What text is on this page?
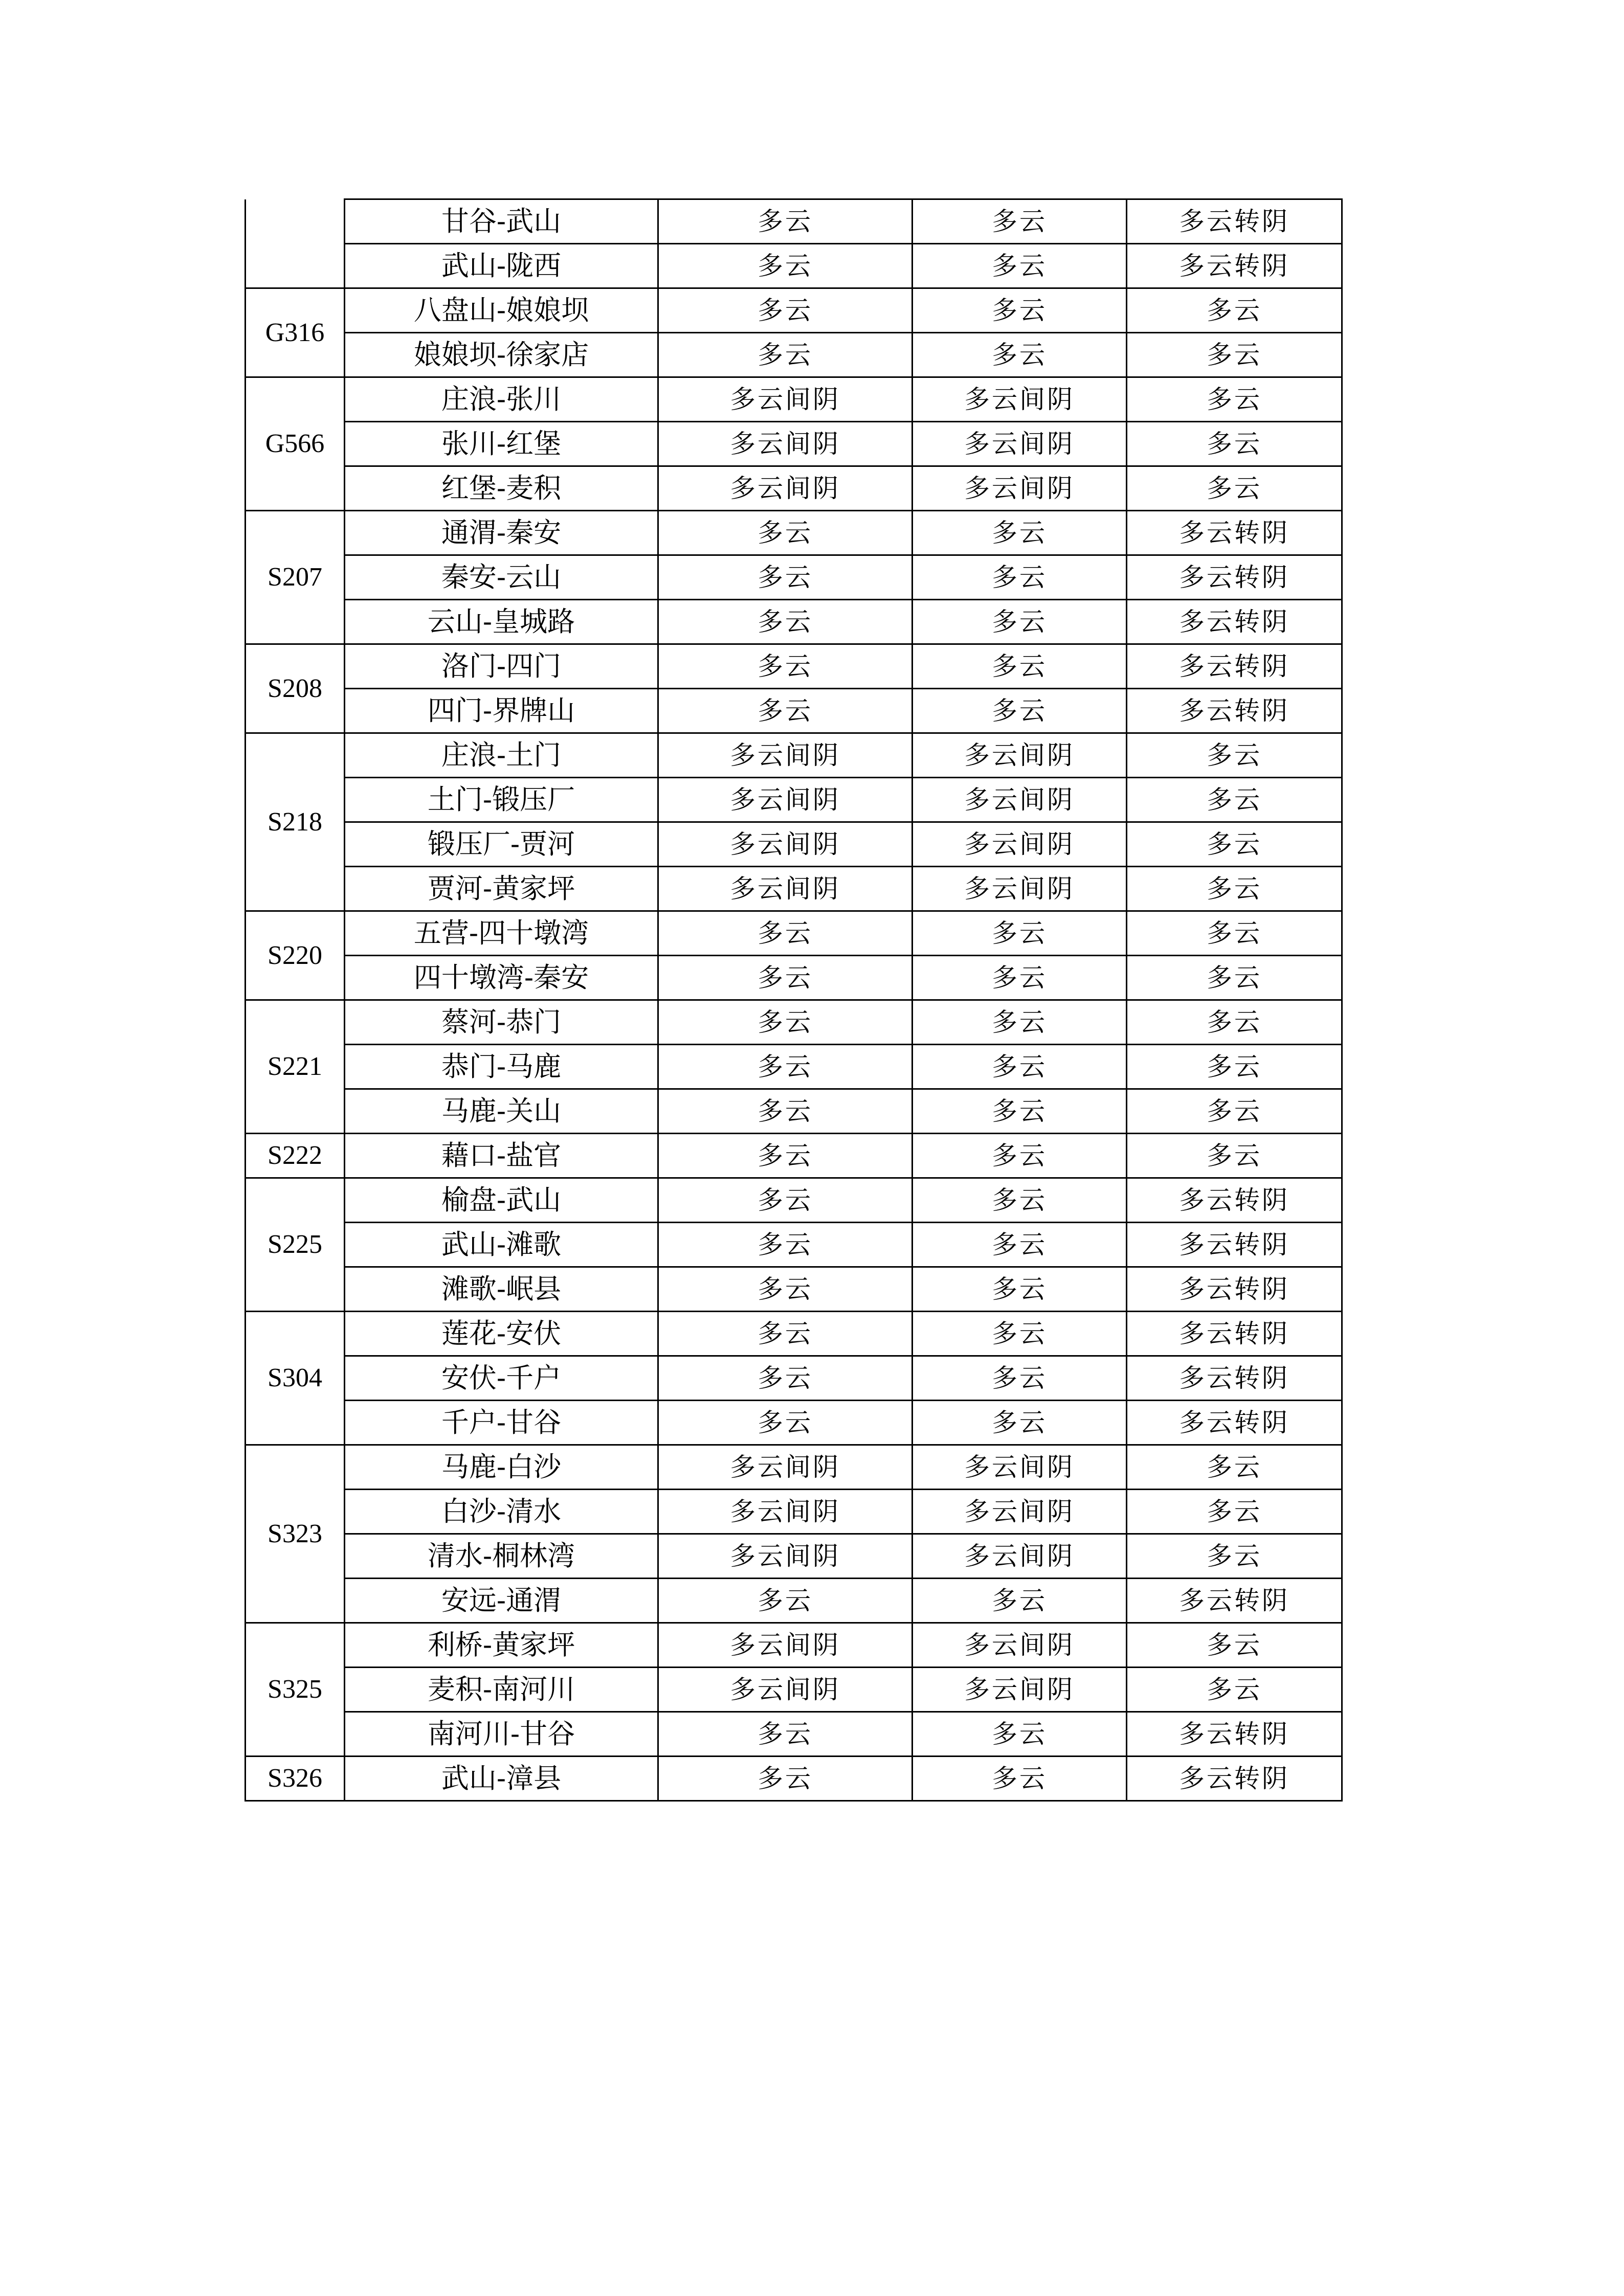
	甘谷-武山	多云	多云	多云转阴
	武山-陇西	多云	多云	多云转阴
G316	八盘山-娘娘坝	多云	多云	多云
	娘娘坝-徐家店	多云	多云	多云
G566	庄浪-张川	多云间阴	多云间阴	多云
	张川-红堡	多云间阴	多云间阴	多云
	红堡-麦积	多云间阴	多云间阴	多云
S207	通渭-秦安	多云	多云	多云转阴
	秦安-云山	多云	多云	多云转阴
	云山-皇城路	多云	多云	多云转阴
S208	洛门-四门	多云	多云	多云转阴
	四门-界牌山	多云	多云	多云转阴
S218	庄浪-土门	多云间阴	多云间阴	多云
	土门-锻压厂	多云间阴	多云间阴	多云
	锻压厂-贾河	多云间阴	多云间阴	多云
	贾河-黄家坪	多云间阴	多云间阴	多云
S220	五营-四十墩湾	多云	多云	多云
	四十墩湾-秦安	多云	多云	多云
S221	蔡河-恭门	多云	多云	多云
	恭门-马鹿	多云	多云	多云
	马鹿-关山	多云	多云	多云
S222	藉口-盐官	多云	多云	多云
S225	榆盘-武山	多云	多云	多云转阴
	武山-滩歌	多云	多云	多云转阴
	滩歌-岷县	多云	多云	多云转阴
S304	莲花-安伏	多云	多云	多云转阴
	安伏-千户	多云	多云	多云转阴
	千户-甘谷	多云	多云	多云转阴
S323	马鹿-白沙	多云间阴	多云间阴	多云
	白沙-清水	多云间阴	多云间阴	多云
	清水-桐林湾	多云间阴	多云间阴	多云
	安远-通渭	多云	多云	多云转阴
S325	利桥-黄家坪	多云间阴	多云间阴	多云
	麦积-南河川	多云间阴	多云间阴	多云
	南河川-甘谷	多云	多云	多云转阴
S326	武山-漳县	多云	多云	多云转阴
